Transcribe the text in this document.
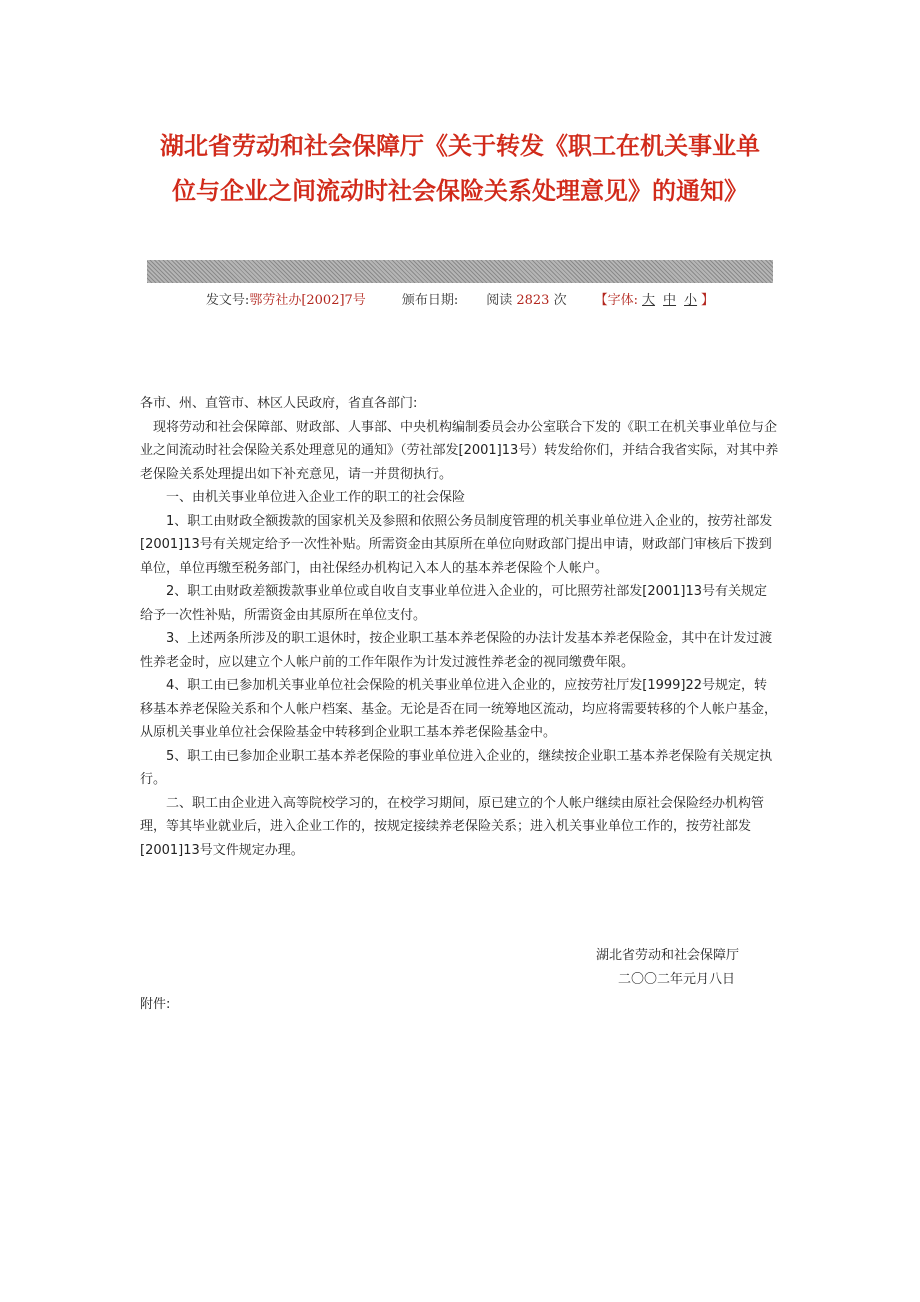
湖北省劳动和社会保障厅《关于转发《职工在机关事业单
位与企业之间流动时社会保险关系处理意见》的通知》
发文号:鄂劳社办[2002]7号	颁布日期: 阅读 2823 次 【字体: 大 中 小 】

各市、州、直管市、林区人民政府，省直各部门:

现将劳动和社会保障部、财政部、人事部、中央机构编制委员会办公室联合下发的《职工在机关事业单位与企业之间流动时社会保险关系处理意见的通知》（劳社部发[2001]13号）转发给你们，并结合我省实际，对其中养老保险关系处理提出如下补充意见，请一并贯彻执行。

一、由机关事业单位进入企业工作的职工的社会保险

1、职工由财政全额拨款的国家机关及参照和依照公务员制度管理的机关事业单位进入企业的，按劳社部发[2001]13号有关规定给予一次性补贴。所需资金由其原所在单位向财政部门提出申请，财政部门审核后下拨到单位，单位再缴至税务部门，由社保经办机构记入本人的基本养老保险个人帐户。

2、职工由财政差额拨款事业单位或自收自支事业单位进入企业的，可比照劳社部发[2001]13号有关规定给予一次性补贴，所需资金由其原所在单位支付。

3、上述两条所涉及的职工退休时，按企业职工基本养老保险的办法计发基本养老保险金，其中在计发过渡性养老金时，应以建立个人帐户前的工作年限作为计发过渡性养老金的视同缴费年限。

4、职工由已参加机关事业单位社会保险的机关事业单位进入企业的，应按劳社厅发[1999]22号规定，转移基本养老保险关系和个人帐户档案、基金。无论是否在同一统筹地区流动，均应将需要转移的个人帐户基金，从原机关事业单位社会保险基金中转移到企业职工基本养老保险基金中。

5、职工由已参加企业职工基本养老保险的事业单位进入企业的，继续按企业职工基本养老保险有关规定执行。

二、职工由企业进入高等院校学习的，在校学习期间，原已建立的个人帐户继续由原社会保险经办机构管理，等其毕业就业后，进入企业工作的，按规定接续养老保险关系；进入机关事业单位工作的，按劳社部发[2001]13号文件规定办理。

湖北省劳动和社会保障厅
二〇〇二年元月八日
附件:
